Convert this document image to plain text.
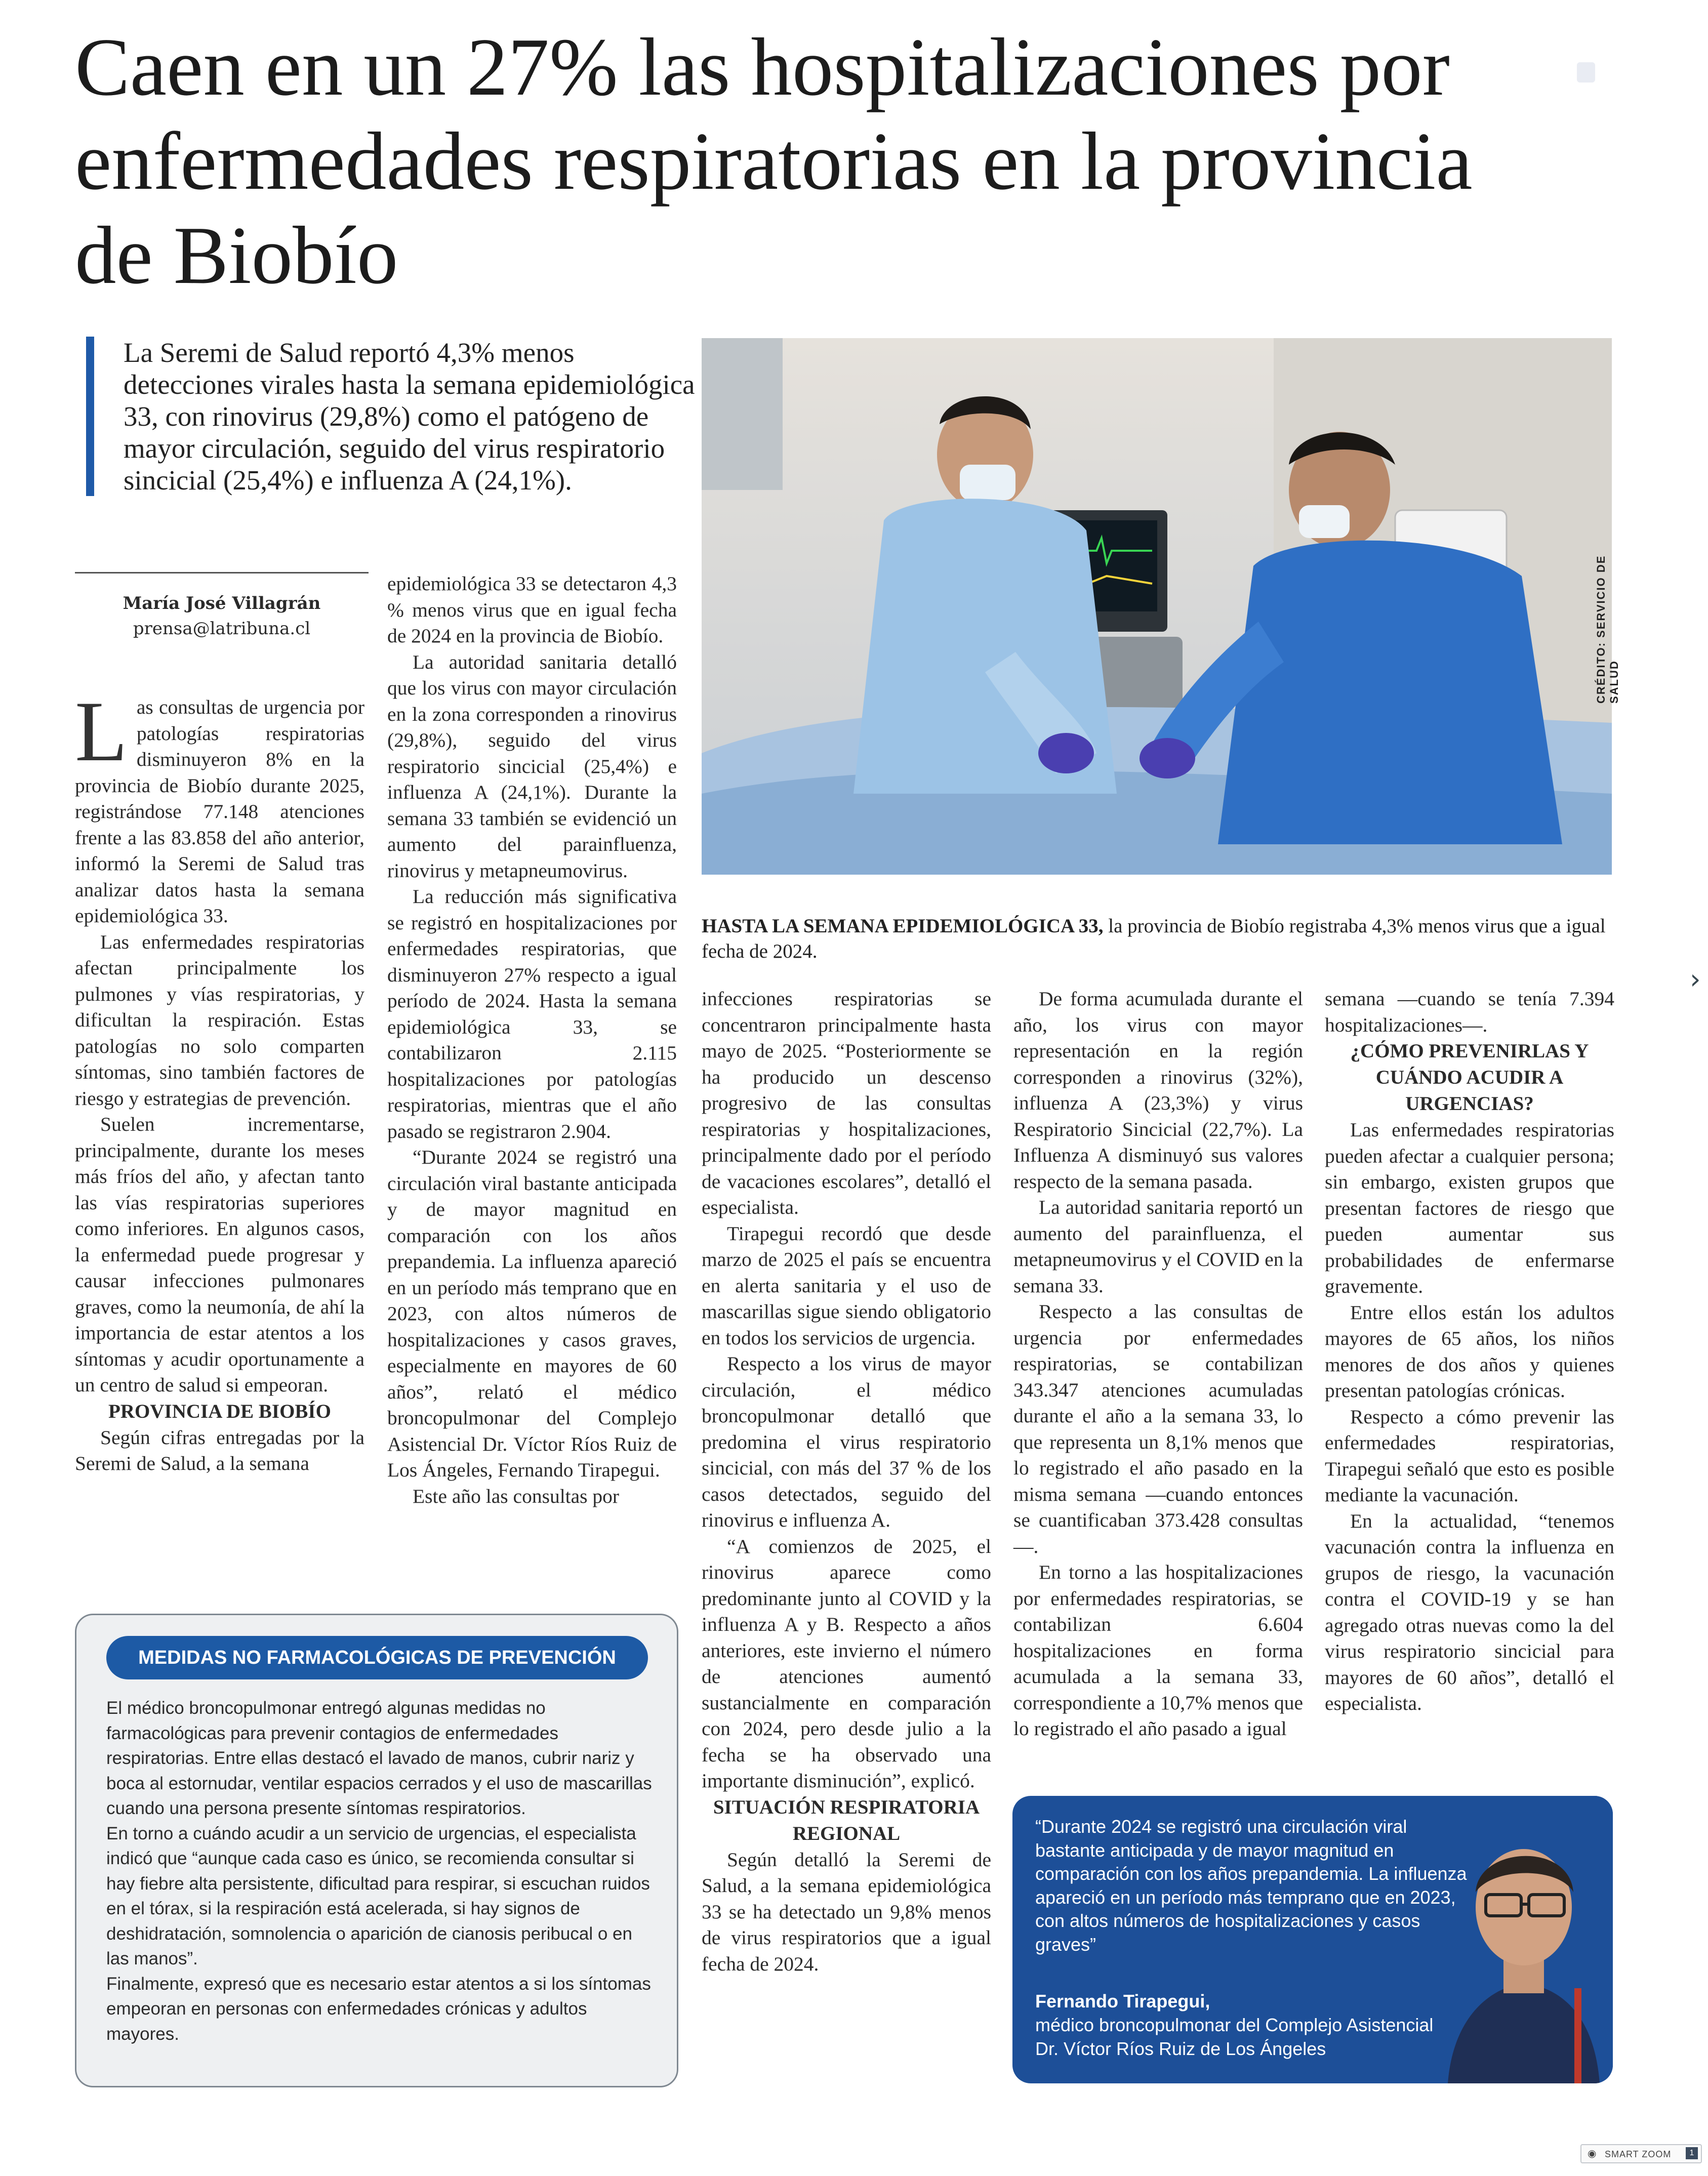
Caen en un 27% las hospitalizaciones por enfermedades respiratorias en la provincia de Biobío
La Seremi de Salud reportó 4,3% menos detecciones virales hasta la semana epidemiológica 33, con rinovirus (29,8%) como el patógeno de mayor circulación, seguido del virus respiratorio sincicial (25,4%) e influenza A (24,1%).
María José Villagrán
prensa@latribuna.cl

Las consultas de urgencia por patologías respiratorias disminuyeron 8% en la provincia de Biobío durante 2025, registrándose 77.148 atenciones frente a las 83.858 del año anterior, informó la Seremi de Salud tras analizar datos hasta la semana epidemiológica 33.

Las enfermedades respiratorias afectan principalmente los pulmones y vías respiratorias, y dificultan la respiración. Estas patologías no solo comparten síntomas, sino también factores de riesgo y estrategias de prevención.

Suelen incrementarse, principalmente, durante los meses más fríos del año, y afectan tanto las vías respiratorias superiores como inferiores. En algunos casos, la enfermedad puede progresar y causar infecciones pulmonares graves, como la neumonía, de ahí la importancia de estar atentos a los síntomas y acudir oportunamente a un centro de salud si empeoran.

PROVINCIA DE BIOBÍO

Según cifras entregadas por la Seremi de Salud, a la semana

epidemiológica 33 se detectaron 4,3 % menos virus que en igual fecha de 2024 en la provincia de Biobío.

La autoridad sanitaria detalló que los virus con mayor circulación en la zona corresponden a rinovirus (29,8%), seguido del virus respiratorio sincicial (25,4%) e influenza A (24,1%). Durante la semana 33 también se evidenció un aumento del parainfluenza, rinovirus y metapneumovirus.

La reducción más significativa se registró en hospitalizaciones por enfermedades respiratorias, que disminuyeron 27% respecto a igual período de 2024. Hasta la semana epidemiológica 33, se contabilizaron 2.115 hospitalizaciones por patologías respiratorias, mientras que el año pasado se registraron 2.904.

“Durante 2024 se registró una circulación viral bastante anticipada y de mayor magnitud en comparación con los años prepandemia. La influenza apareció en un período más temprano que en 2023, con altos números de hospitalizaciones y casos graves, especialmente en mayores de 60 años”, relató el médico broncopulmonar del Complejo Asistencial Dr. Víctor Ríos Ruiz de Los Ángeles, Fernando Tirapegui.

Este año las consultas por

CRÉDITO: SERVICIO DE SALUD
HASTA LA SEMANA EPIDEMIOLÓGICA 33, la provincia de Biobío registraba 4,3% menos virus que a igual fecha de 2024.

infecciones respiratorias se concentraron principalmente hasta mayo de 2025. “Posteriormente se ha producido un descenso progresivo de las consultas respiratorias y hospitalizaciones, principalmente dado por el período de vacaciones escolares”, detalló el especialista.

Tirapegui recordó que desde marzo de 2025 el país se encuentra en alerta sanitaria y el uso de mascarillas sigue siendo obligatorio en todos los servicios de urgencia.

Respecto a los virus de mayor circulación, el médico broncopulmonar detalló que predomina el virus respiratorio sincicial, con más del 37 % de los casos detectados, seguido del rinovirus e influenza A.

“A comienzos de 2025, el rinovirus aparece como predominante junto al COVID y la influenza A y B. Respecto a años anteriores, este invierno el número de atenciones aumentó sustancialmente en comparación con 2024, pero desde julio a la fecha se ha observado una importante disminución”, explicó.

SITUACIÓN RESPIRATORIA REGIONAL

Según detalló la Seremi de Salud, a la semana epidemiológica 33 se ha detectado un 9,8% menos de virus respiratorios que a igual fecha de 2024.

De forma acumulada durante el año, los virus con mayor representación en la región corresponden a rinovirus (32%), influenza A (23,3%) y virus Respiratorio Sincicial (22,7%). La Influenza A disminuyó sus valores respecto de la semana pasada.

La autoridad sanitaria reportó un aumento del parainfluenza, el metapneumovirus y el COVID en la semana 33.

Respecto a las consultas de urgencia por enfermedades respiratorias, se contabilizan 343.347 atenciones acumuladas durante el año a la semana 33, lo que representa un 8,1% menos que lo registrado el año pasado en la misma semana —cuando entonces se cuantificaban 373.428 consultas—.

En torno a las hospitalizaciones por enfermedades respiratorias, se contabilizan 6.604 hospitalizaciones en forma acumulada a la semana 33, correspondiente a 10,7% menos que lo registrado el año pasado a igual

semana —cuando se tenía 7.394 hospitalizaciones—.

¿CÓMO PREVENIRLAS Y CUÁNDO ACUDIR A URGENCIAS?

Las enfermedades respiratorias pueden afectar a cualquier persona; sin embargo, existen grupos que presentan factores de riesgo que pueden aumentar sus probabilidades de enfermarse gravemente.

Entre ellos están los adultos mayores de 65 años, los niños menores de dos años y quienes presentan patologías crónicas.

Respecto a cómo prevenir las enfermedades respiratorias, Tirapegui señaló que esto es posible mediante la vacunación.

En la actualidad, “tenemos vacunación contra la influenza en grupos de riesgo, la vacunación contra el COVID-19 y se han agregado otras nuevas como la del virus respiratorio sincicial para mayores de 60 años”, detalló el especialista.

MEDIDAS NO FARMACOLÓGICAS DE PREVENCIÓN

El médico broncopulmonar entregó algunas medidas no farmacológicas para prevenir contagios de enfermedades respiratorias. Entre ellas destacó el lavado de manos, cubrir nariz y boca al estornudar, ventilar espacios cerrados y el uso de mascarillas cuando una persona presente síntomas respiratorios.

En torno a cuándo acudir a un servicio de urgencias, el especialista indicó que “aunque cada caso es único, se recomienda consultar si hay fiebre alta persistente, dificultad para respirar, si escuchan ruidos en el tórax, si la respiración está acelerada, si hay signos de deshidratación, somnolencia o aparición de cianosis peribucal o en las manos”.

Finalmente, expresó que es necesario estar atentos a si los síntomas empeoran en personas con enfermedades crónicas y adultos mayores.

“Durante 2024 se registró una circulación viral bastante anticipada y de mayor magnitud en comparación con los años prepandemia. La influenza apareció en un período más temprano que en 2023, con altos números de hospitalizaciones y casos graves”
Fernando Tirapegui,
médico broncopulmonar del Complejo Asistencial
Dr. Víctor Ríos Ruiz de Los Ángeles
›
◉ SMART ZOOM	1
